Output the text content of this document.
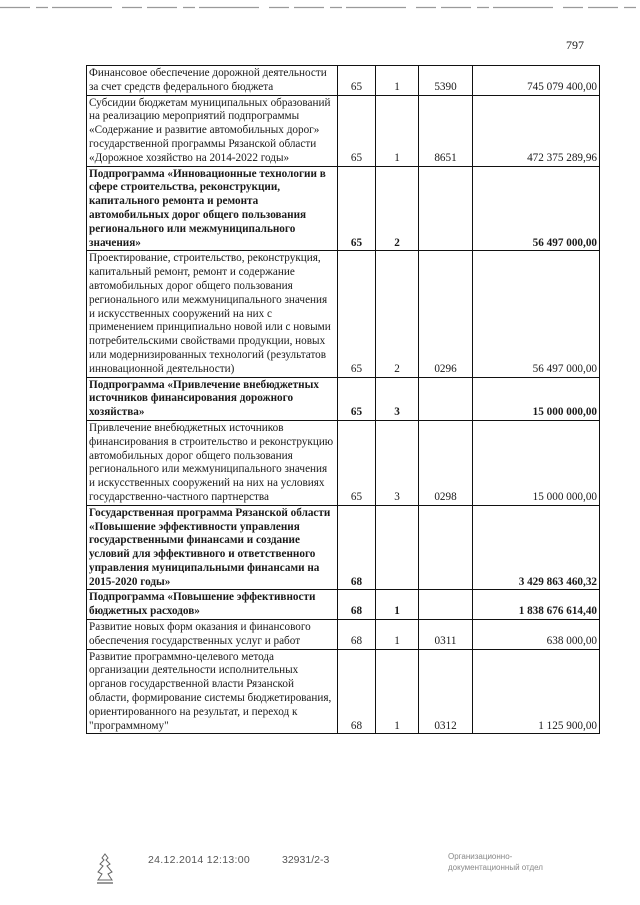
797
Финансовое обеспечение дорожной деятельности за счет средств федерального бюджета	65	1	5390	745 079 400,00
Субсидии бюджетам муниципальных образований на реализацию мероприятий подпрограммы «Содержание и развитие автомобильных дорог» государственной программы Рязанской области «Дорожное хозяйство на 2014-2022 годы»	65	1	8651	472 375 289,96
Подпрограмма «Инновационные технологии в сфере строительства, реконструкции, капитального ремонта и ремонта автомобильных дорог общего пользования регионального или межмуниципального значения»	65	2		56 497 000,00
Проектирование, строительство, реконструкция, капитальный ремонт, ремонт и содержание автомобильных дорог общего пользования регионального или межмуниципального значения и искусственных сооружений на них с применением принципиально новой или с новыми потребительскими свойствами продукции, новых или модернизированных технологий (результатов инновационной деятельности)	65	2	0296	56 497 000,00
Подпрограмма «Привлечение внебюджетных источников финансирования дорожного хозяйства»	65	3		15 000 000,00
Привлечение внебюджетных источников финансирования в строительство и реконструкцию автомобильных дорог общего пользования регионального или межмуниципального значения и искусственных сооружений на них на условиях государственно-частного партнерства	65	3	0298	15 000 000,00
Государственная программа Рязанской области «Повышение эффективности управления государственными финансами и создание условий для эффективного и ответственного управления муниципальными финансами на 2015-2020 годы»	68			3 429 863 460,32
Подпрограмма «Повышение эффективности бюджетных расходов»	68	1		1 838 676 614,40
Развитие новых форм оказания и финансового обеспечения государственных услуг и работ	68	1	0311	638 000,00
Развитие программно-целевого метода организации деятельности исполнительных органов государственной власти Рязанской области, формирование системы бюджетирования, ориентированного на результат, и переход к "программному"	68	1	0312	1 125 900,00
24.12.2014 12:13:00	32931/2-3	Организационно-
документационный отдел
